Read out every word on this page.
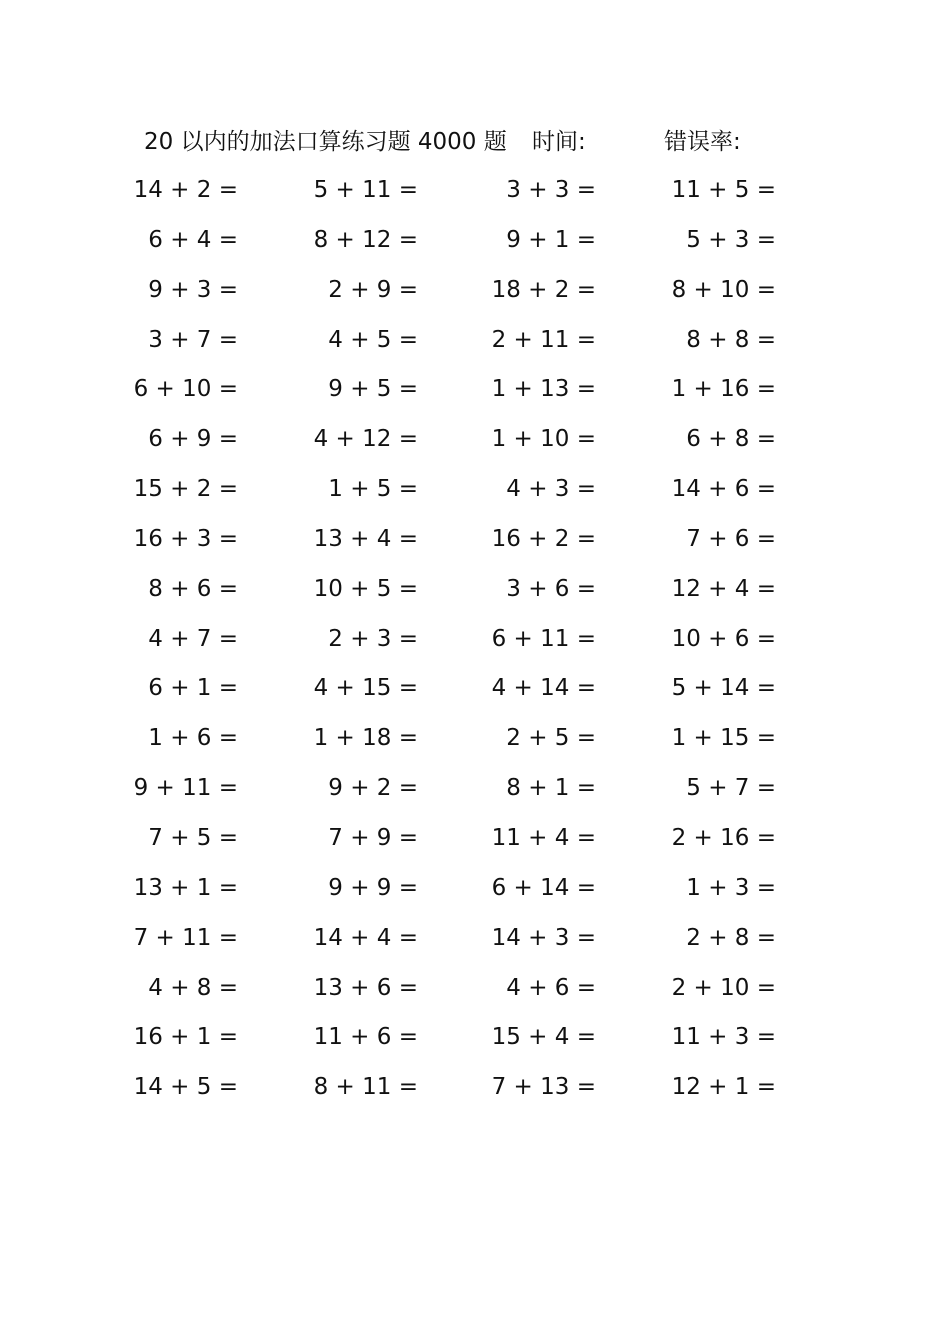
20 以内的加法口算练习题 4000 题 时间:	错误率:
14 + 2 =	5 + 11 =	3 + 3 =	11 + 5 =
6 + 4 =	8 + 12 =	9 + 1 =	5 + 3 =
9 + 3 =	2 + 9 =	18 + 2 =	8 + 10 =
3 + 7 =	4 + 5 =	2 + 11 =	8 + 8 =
6 + 10 =	9 + 5 =	1 + 13 =	1 + 16 =
6 + 9 =	4 + 12 =	1 + 10 =	6 + 8 =
15 + 2 =	1 + 5 =	4 + 3 =	14 + 6 =
16 + 3 =	13 + 4 =	16 + 2 =	7 + 6 =
8 + 6 =	10 + 5 =	3 + 6 =	12 + 4 =
4 + 7 =	2 + 3 =	6 + 11 =	10 + 6 =
6 + 1 =	4 + 15 =	4 + 14 =	5 + 14 =
1 + 6 =	1 + 18 =	2 + 5 =	1 + 15 =
9 + 11 =	9 + 2 =	8 + 1 =	5 + 7 =
7 + 5 =	7 + 9 =	11 + 4 =	2 + 16 =
13 + 1 =	9 + 9 =	6 + 14 =	1 + 3 =
7 + 11 =	14 + 4 =	14 + 3 =	2 + 8 =
4 + 8 =	13 + 6 =	4 + 6 =	2 + 10 =
16 + 1 =	11 + 6 =	15 + 4 =	11 + 3 =
14 + 5 =	8 + 11 =	7 + 13 =	12 + 1 =
